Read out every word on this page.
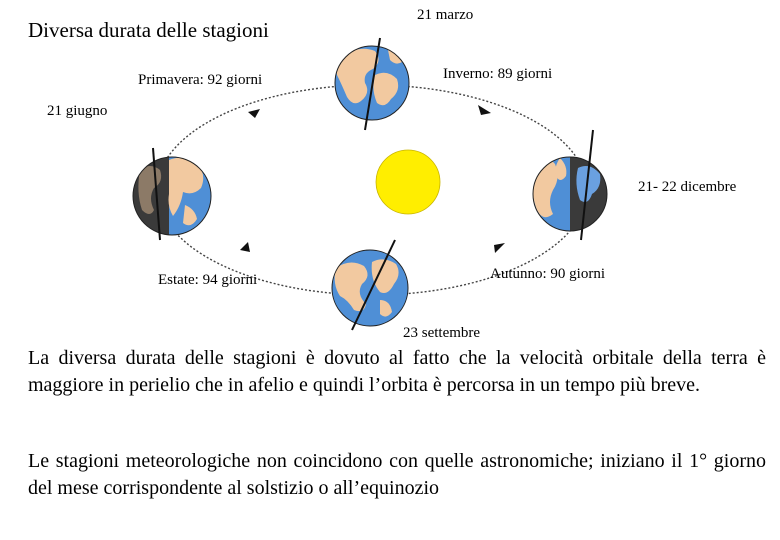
Diversa durata delle stagioni
21 marzo
Primavera: 92 giorni	Inverno: 89 giorni
21 giugno
21- 22 dicembre
Estate: 94 giorni	Autunno: 90 giorni
23 settembre

La diversa durata delle stagioni è dovuto al fatto che la velocità orbitale della terra è maggiore in perielio che in afelio e quindi l’orbita è percorsa in un tempo più breve.

Le stagioni meteorologiche non coincidono con quelle astronomiche; iniziano il 1° giorno del mese corrispondente al solstizio o all’equinozio
